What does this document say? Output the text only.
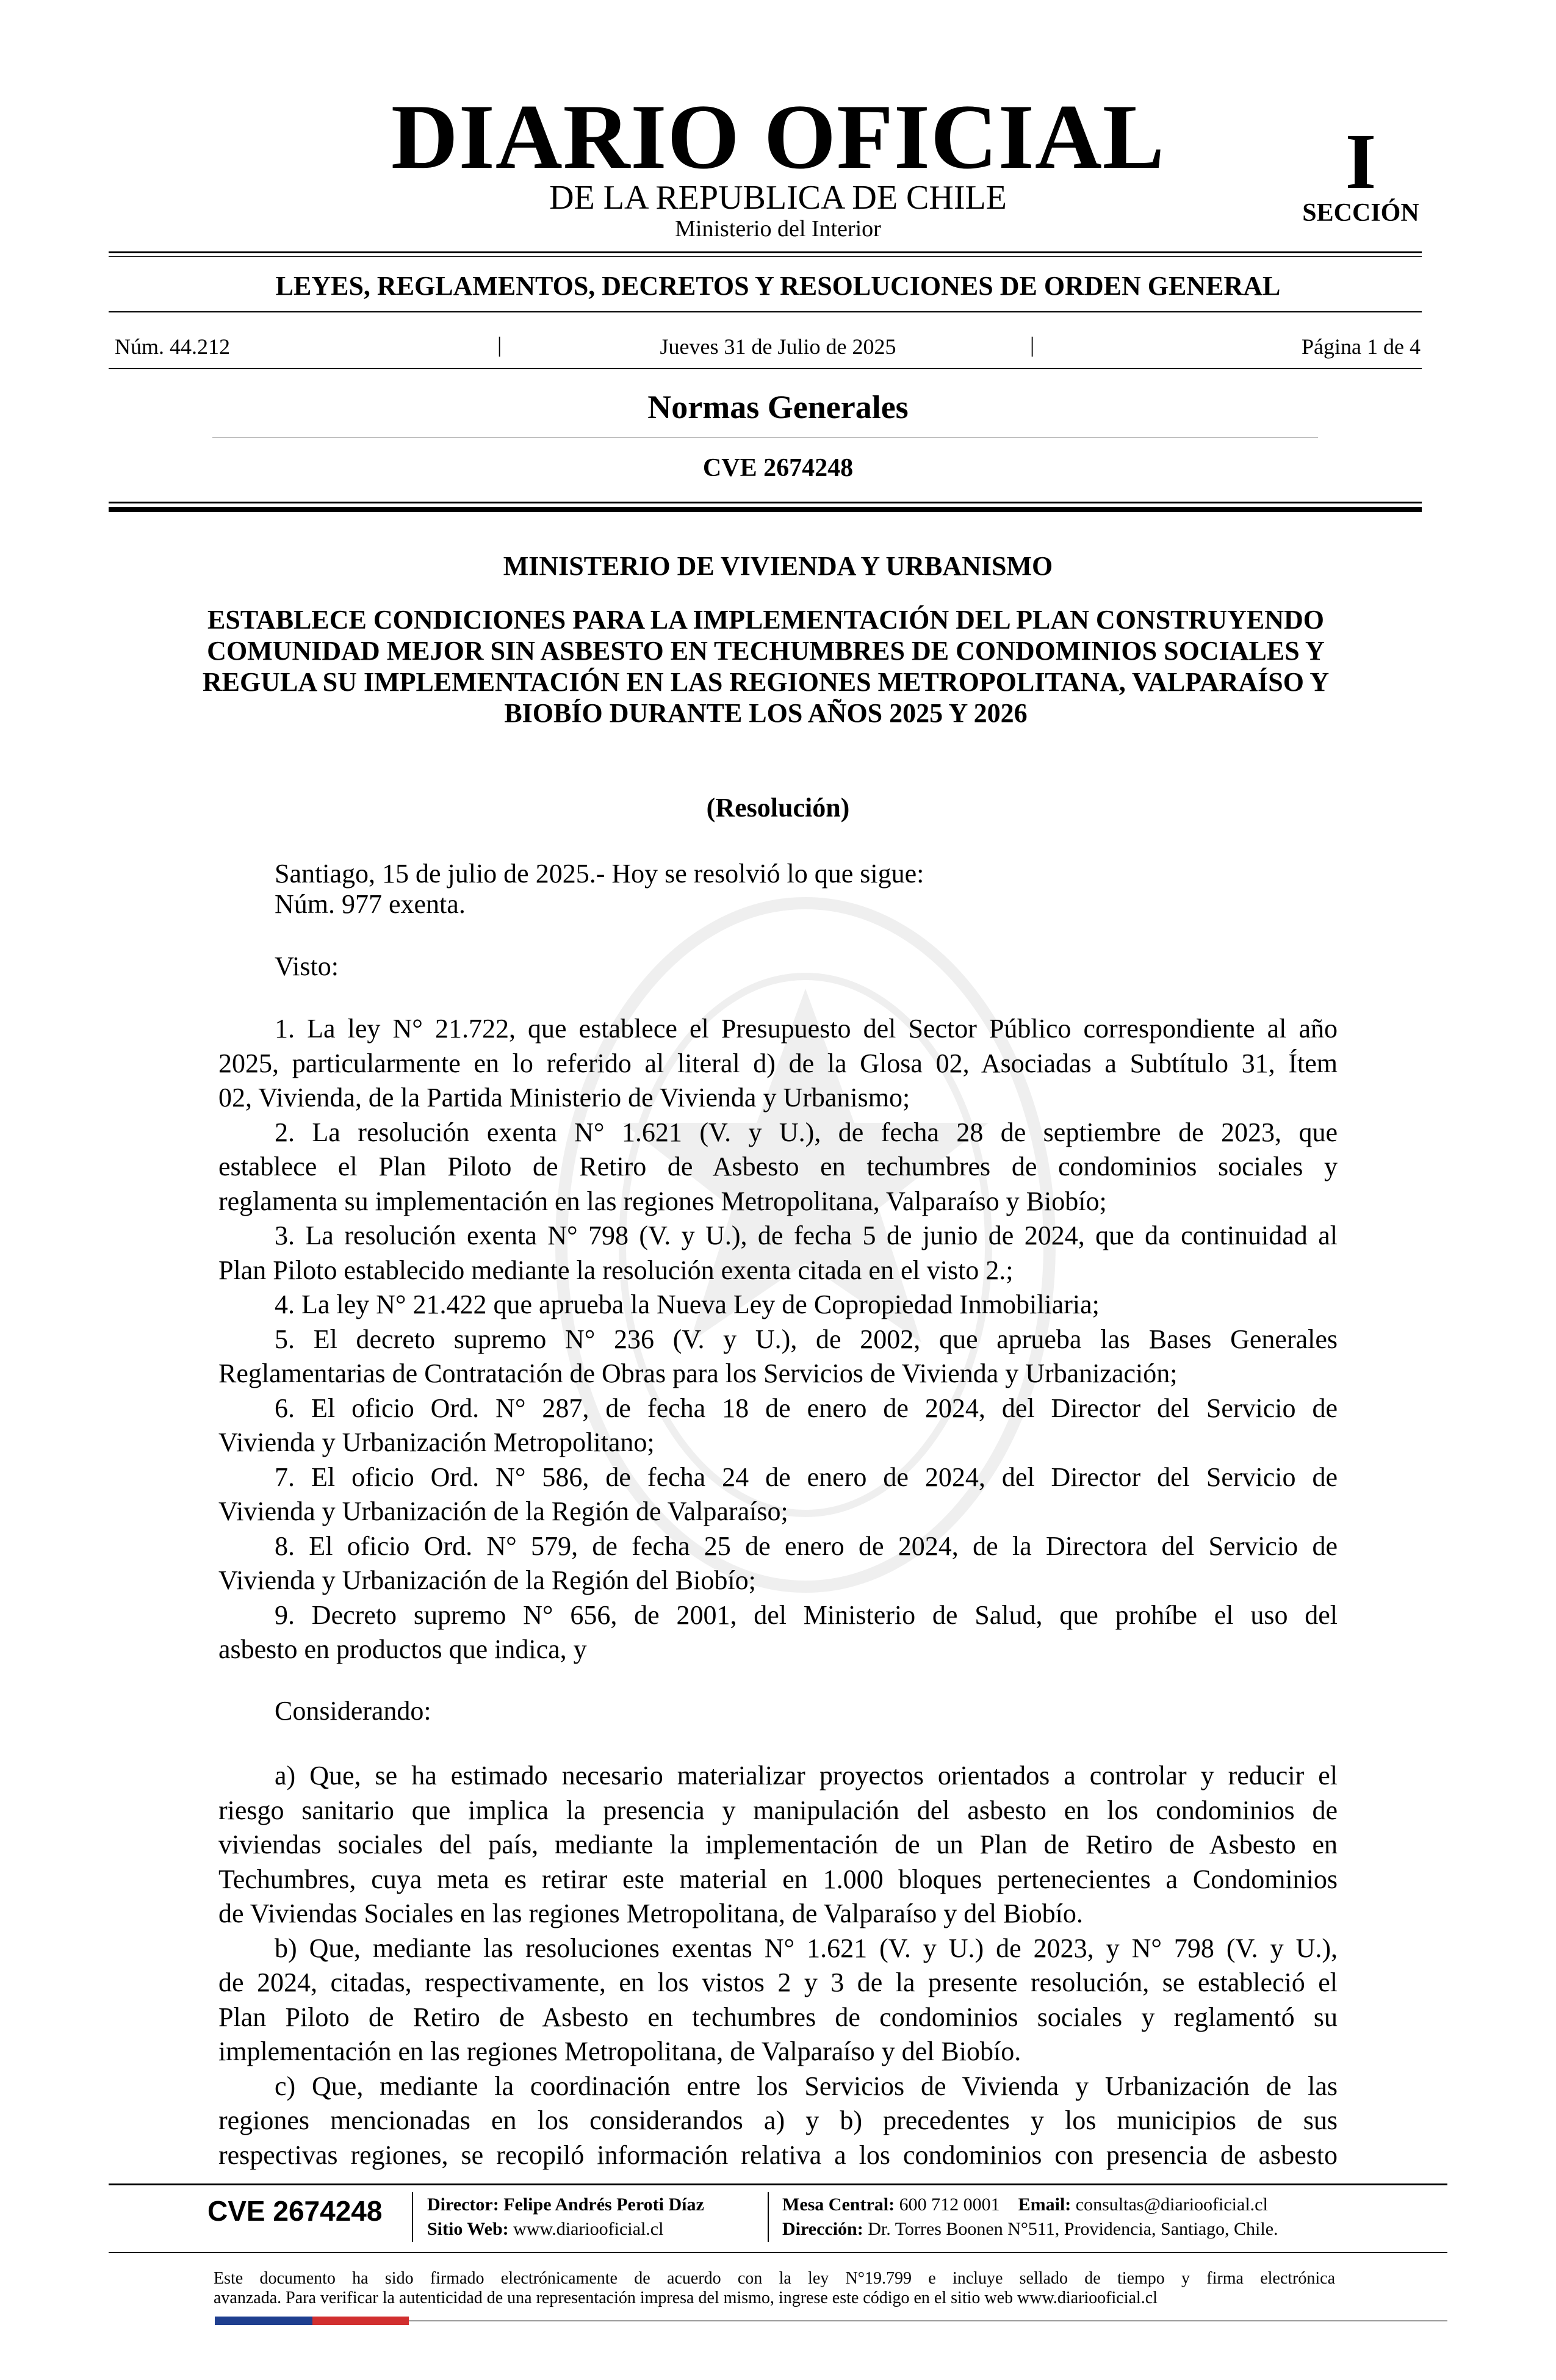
DIARIO OFICIAL
DE LA REPUBLICA DE CHILE
Ministerio del Interior
I
SECCIÓN
LEYES, REGLAMENTOS, DECRETOS Y RESOLUCIONES DE ORDEN GENERAL
Núm. 44.212	|	Jueves 31 de Julio de 2025	|	Página 1 de 4
Normas Generales
CVE 2674248
MINISTERIO DE VIVIENDA Y URBANISMO
ESTABLECE CONDICIONES PARA LA IMPLEMENTACIÓN DEL PLAN CONSTRUYENDO COMUNIDAD MEJOR SIN ASBESTO EN TECHUMBRES DE CONDOMINIOS SOCIALES Y REGULA SU IMPLEMENTACIÓN EN LAS REGIONES METROPOLITANA, VALPARAÍSO Y BIOBÍO DURANTE LOS AÑOS 2025 Y 2026
(Resolución)
Santiago, 15 de julio de 2025.- Hoy se resolvió lo que sigue:
Núm. 977 exenta.
Visto:
1. La ley N° 21.722, que establece el Presupuesto del Sector Público correspondiente al año
2025, particularmente en lo referido al literal d) de la Glosa 02, Asociadas a Subtítulo 31, Ítem
02, Vivienda, de la Partida Ministerio de Vivienda y Urbanismo;
2. La resolución exenta N° 1.621 (V. y U.), de fecha 28 de septiembre de 2023, que
establece el Plan Piloto de Retiro de Asbesto en techumbres de condominios sociales y
reglamenta su implementación en las regiones Metropolitana, Valparaíso y Biobío;
3. La resolución exenta N° 798 (V. y U.), de fecha 5 de junio de 2024, que da continuidad al
Plan Piloto establecido mediante la resolución exenta citada en el visto 2.;
4. La ley N° 21.422 que aprueba la Nueva Ley de Copropiedad Inmobiliaria;
5. El decreto supremo N° 236 (V. y U.), de 2002, que aprueba las Bases Generales
Reglamentarias de Contratación de Obras para los Servicios de Vivienda y Urbanización;
6. El oficio Ord. N° 287, de fecha 18 de enero de 2024, del Director del Servicio de
Vivienda y Urbanización Metropolitano;
7. El oficio Ord. N° 586, de fecha 24 de enero de 2024, del Director del Servicio de
Vivienda y Urbanización de la Región de Valparaíso;
8. El oficio Ord. N° 579, de fecha 25 de enero de 2024, de la Directora del Servicio de
Vivienda y Urbanización de la Región del Biobío;
9. Decreto supremo N° 656, de 2001, del Ministerio de Salud, que prohíbe el uso del
asbesto en productos que indica, y
Considerando:
a) Que, se ha estimado necesario materializar proyectos orientados a controlar y reducir el
riesgo sanitario que implica la presencia y manipulación del asbesto en los condominios de
viviendas sociales del país, mediante la implementación de un Plan de Retiro de Asbesto en
Techumbres, cuya meta es retirar este material en 1.000 bloques pertenecientes a Condominios
de Viviendas Sociales en las regiones Metropolitana, de Valparaíso y del Biobío.
b) Que, mediante las resoluciones exentas N° 1.621 (V. y U.) de 2023, y N° 798 (V. y U.),
de 2024, citadas, respectivamente, en los vistos 2 y 3 de la presente resolución, se estableció el
Plan Piloto de Retiro de Asbesto en techumbres de condominios sociales y reglamentó su
implementación en las regiones Metropolitana, de Valparaíso y del Biobío.
c) Que, mediante la coordinación entre los Servicios de Vivienda y Urbanización de las
regiones mencionadas en los considerandos a) y b) precedentes y los municipios de sus
respectivas regiones, se recopiló información relativa a los condominios con presencia de asbesto
CVE 2674248 Director: Felipe Andrés Peroti Díaz
Sitio Web: www.diariooficial.cl
Mesa Central: 600 712 0001 Email: consultas@diariooficial.cl
Dirección: Dr. Torres Boonen N°511, Providencia, Santiago, Chile.
Este documento ha sido firmado electrónicamente de acuerdo con la ley N°19.799 e incluye sellado de tiempo y firma electrónica
avanzada. Para verificar la autenticidad de una representación impresa del mismo, ingrese este código en el sitio web www.diariooficial.cl
